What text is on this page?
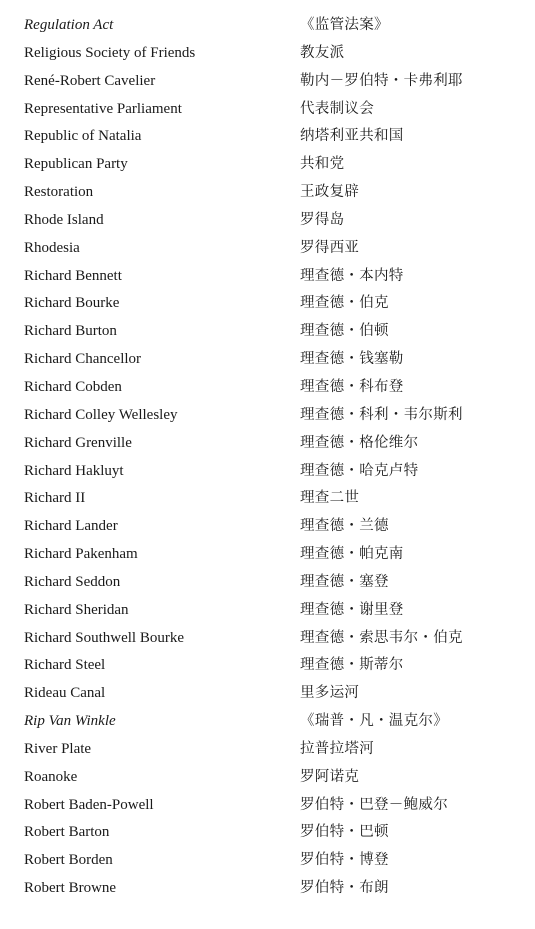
Regulation Act	《监管法案》
Religious Society of Friends	教友派
René-Robert Cavelier	勒内－罗伯特・卡弗利耶
Representative Parliament	代表制议会
Republic of Natalia	纳塔利亚共和国
Republican Party	共和党
Restoration	王政复辟
Rhode Island	罗得岛
Rhodesia	罗得西亚
Richard Bennett	理查德・本内特
Richard Bourke	理查德・伯克
Richard Burton	理查德・伯顿
Richard Chancellor	理查德・钱塞勒
Richard Cobden	理查德・科布登
Richard Colley Wellesley	理查德・科利・韦尔斯利
Richard Grenville	理查德・格伦维尔
Richard Hakluyt	理查德・哈克卢特
Richard II	理查二世
Richard Lander	理查德・兰德
Richard Pakenham	理查德・帕克南
Richard Seddon	理查德・塞登
Richard Sheridan	理查德・谢里登
Richard Southwell Bourke	理查德・索思韦尔・伯克
Richard Steel	理查德・斯蒂尔
Rideau Canal	里多运河
Rip Van Winkle	《瑞普・凡・温克尔》
River Plate	拉普拉塔河
Roanoke	罗阿诺克
Robert Baden-Powell	罗伯特・巴登－鲍威尔
Robert Barton	罗伯特・巴顿
Robert Borden	罗伯特・博登
Robert Browne	罗伯特・布朗
